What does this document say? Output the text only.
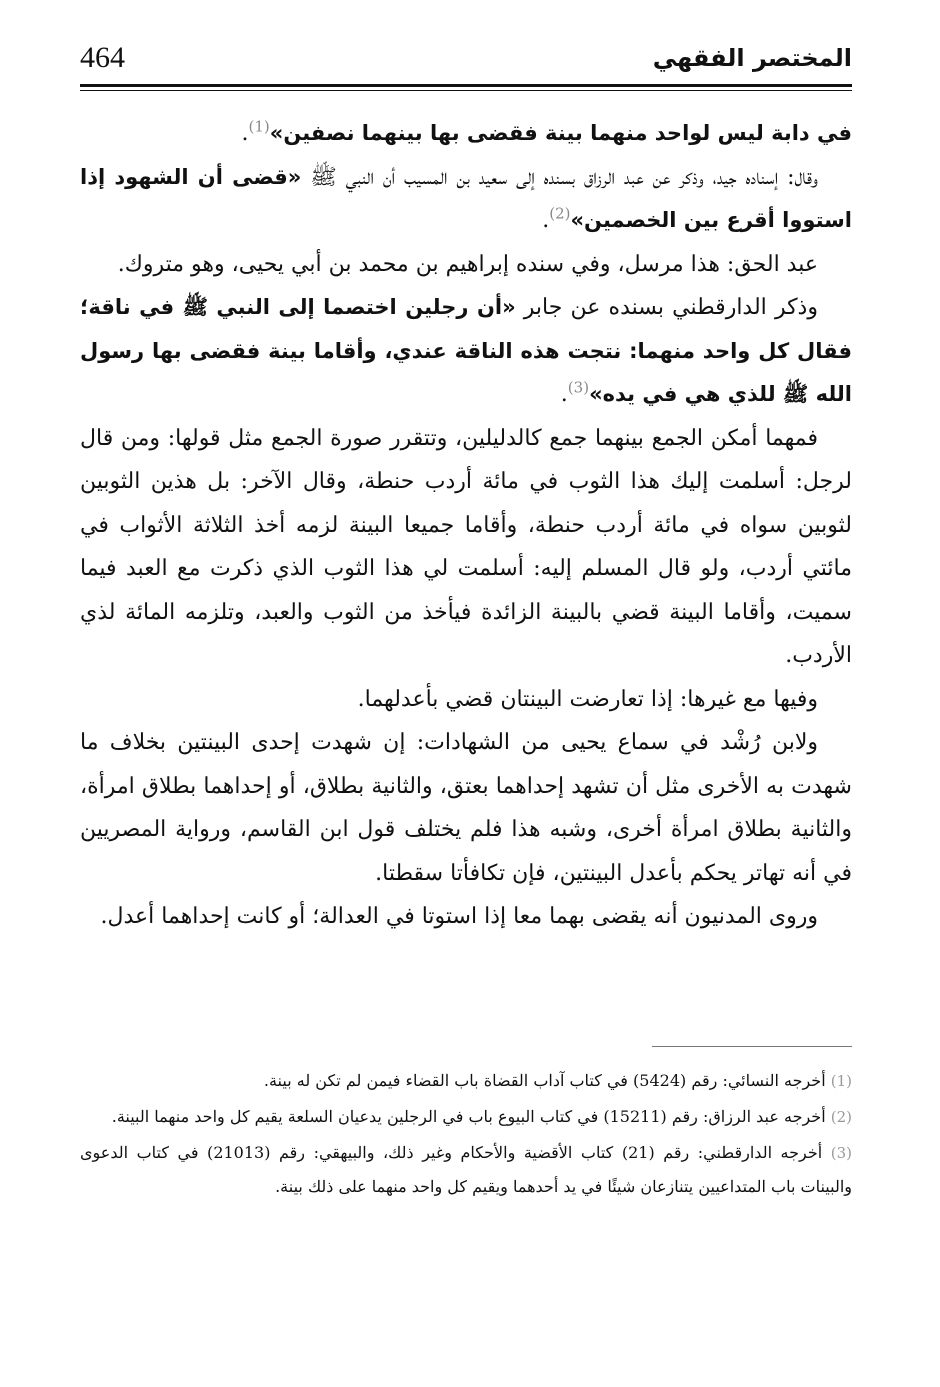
464	المختصر الفقهي

في دابة ليس لواحد منهما بينة فقضى بها بينهما نصفين»$^{(1)}$.

وقال: إسناده جيد، وذكر عن عبد الرزاق بسنده إلى سعيد بن المسيب أن النبي ﷺ «قضى أن الشهود إذا استووا أقرع بين الخصمين»$^{(2)}$.

عبد الحق: هذا مرسل، وفي سنده إبراهيم بن محمد بن أبي يحيى، وهو متروك.

وذكر الدارقطني بسنده عن جابر «أن رجلين اختصما إلى النبي ﷺ في ناقة؛ فقال كل واحد منهما: نتجت هذه الناقة عندي، وأقاما بينة فقضى بها رسول الله ﷺ للذي هي في يده»$^{(3)}$.

فمهما أمكن الجمع بينهما جمع كالدليلين، وتتقرر صورة الجمع مثل قولها: ومن قال لرجل: أسلمت إليك هذا الثوب في مائة أردب حنطة، وقال الآخر: بل هذين الثوبين لثوبين سواه في مائة أردب حنطة، وأقاما جميعا البينة لزمه أخذ الثلاثة الأثواب في مائتي أردب، ولو قال المسلم إليه: أسلمت لي هذا الثوب الذي ذكرت مع العبد فيما سميت، وأقاما البينة قضي بالبينة الزائدة فيأخذ من الثوب والعبد، وتلزمه المائة لذي الأردب.

وفيها مع غيرها: إذا تعارضت البينتان قضي بأعدلهما.

ولابن رُشْد في سماع يحيى من الشهادات: إن شهدت إحدى البينتين بخلاف ما شهدت به الأخرى مثل أن تشهد إحداهما بعتق، والثانية بطلاق، أو إحداهما بطلاق امرأة، والثانية بطلاق امرأة أخرى، وشبه هذا فلم يختلف قول ابن القاسم، ورواية المصريين في أنه تهاتر يحكم بأعدل البينتين، فإن تكافأتا سقطتا.

وروى المدنيون أنه يقضى بهما معا إذا استوتا في العدالة؛ أو كانت إحداهما أعدل.

(1) أخرجه النسائي: رقم (5424) في كتاب آداب القضاة باب القضاء فيمن لم تكن له بينة.

(2) أخرجه عبد الرزاق: رقم (15211) في كتاب البيوع باب في الرجلين يدعيان السلعة يقيم كل واحد منهما البينة.

(3) أخرجه الدارقطني: رقم (21) كتاب الأقضية والأحكام وغير ذلك، والبيهقي: رقم (21013) في كتاب الدعوى والبينات باب المتداعيين يتنازعان شيئًا في يد أحدهما ويقيم كل واحد منهما على ذلك بينة.
